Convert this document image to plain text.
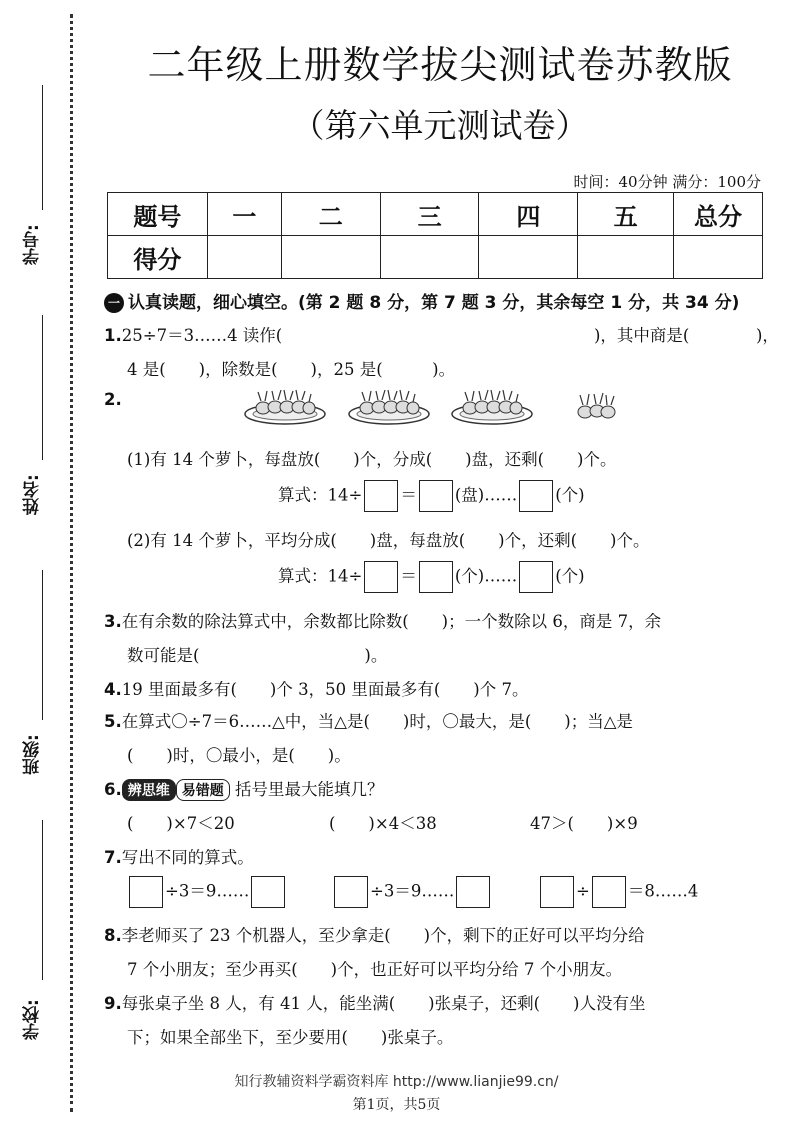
学号:
姓名:
班级:
学校:
二年级上册数学拔尖测试卷苏教版
（第六单元测试卷）
时间：40分钟 满分：100分
题号	一	二	三	四	五	总分
得分						
一 认真读题，细心填空。(第 2 题 8 分，第 7 题 3 分，其余每空 1 分，共 34 分)
1.25÷7＝3……4 读作(	)，其中商是(	)，
4 是(　　)，除数是(　　)，25 是(　　　)。
2.
(1)有 14 个萝卜，每盘放(　　)个，分成(　　)盘，还剩(　　)个。
算式：14÷ ＝ (盘)…… (个)
(2)有 14 个萝卜，平均分成(　　)盘，每盘放(　　)个，还剩(　　)个。
算式：14÷ ＝ (个)…… (个)
3.在有余数的除法算式中，余数都比除数(　　)；一个数除以 6，商是 7，余
数可能是(　　　　　　　　　　)。
4.19 里面最多有(　　)个 3，50 里面最多有(　　)个 7。
5.在算式〇÷7＝6……△中，当△是(　　)时，〇最大，是(　　)；当△是
(　　)时，〇最小，是(　　)。
6. 辨思维 易错题 括号里最大能填几？
(　　)×7＜20	(　　)×4＜38	47＞(　　)×9
7.写出不同的算式。
÷3＝9……	÷3＝9……	÷ ＝8……4
8.李老师买了 23 个机器人，至少拿走(　　)个，剩下的正好可以平均分给
7 个小朋友；至少再买(　　)个，也正好可以平均分给 7 个小朋友。
9.每张桌子坐 8 人，有 41 人，能坐满(　　)张桌子，还剩(　　)人没有坐
下；如果全部坐下，至少要用(　　)张桌子。
知行教辅资料学霸资料库 http://www.lianjie99.cn/
第1页，共5页
